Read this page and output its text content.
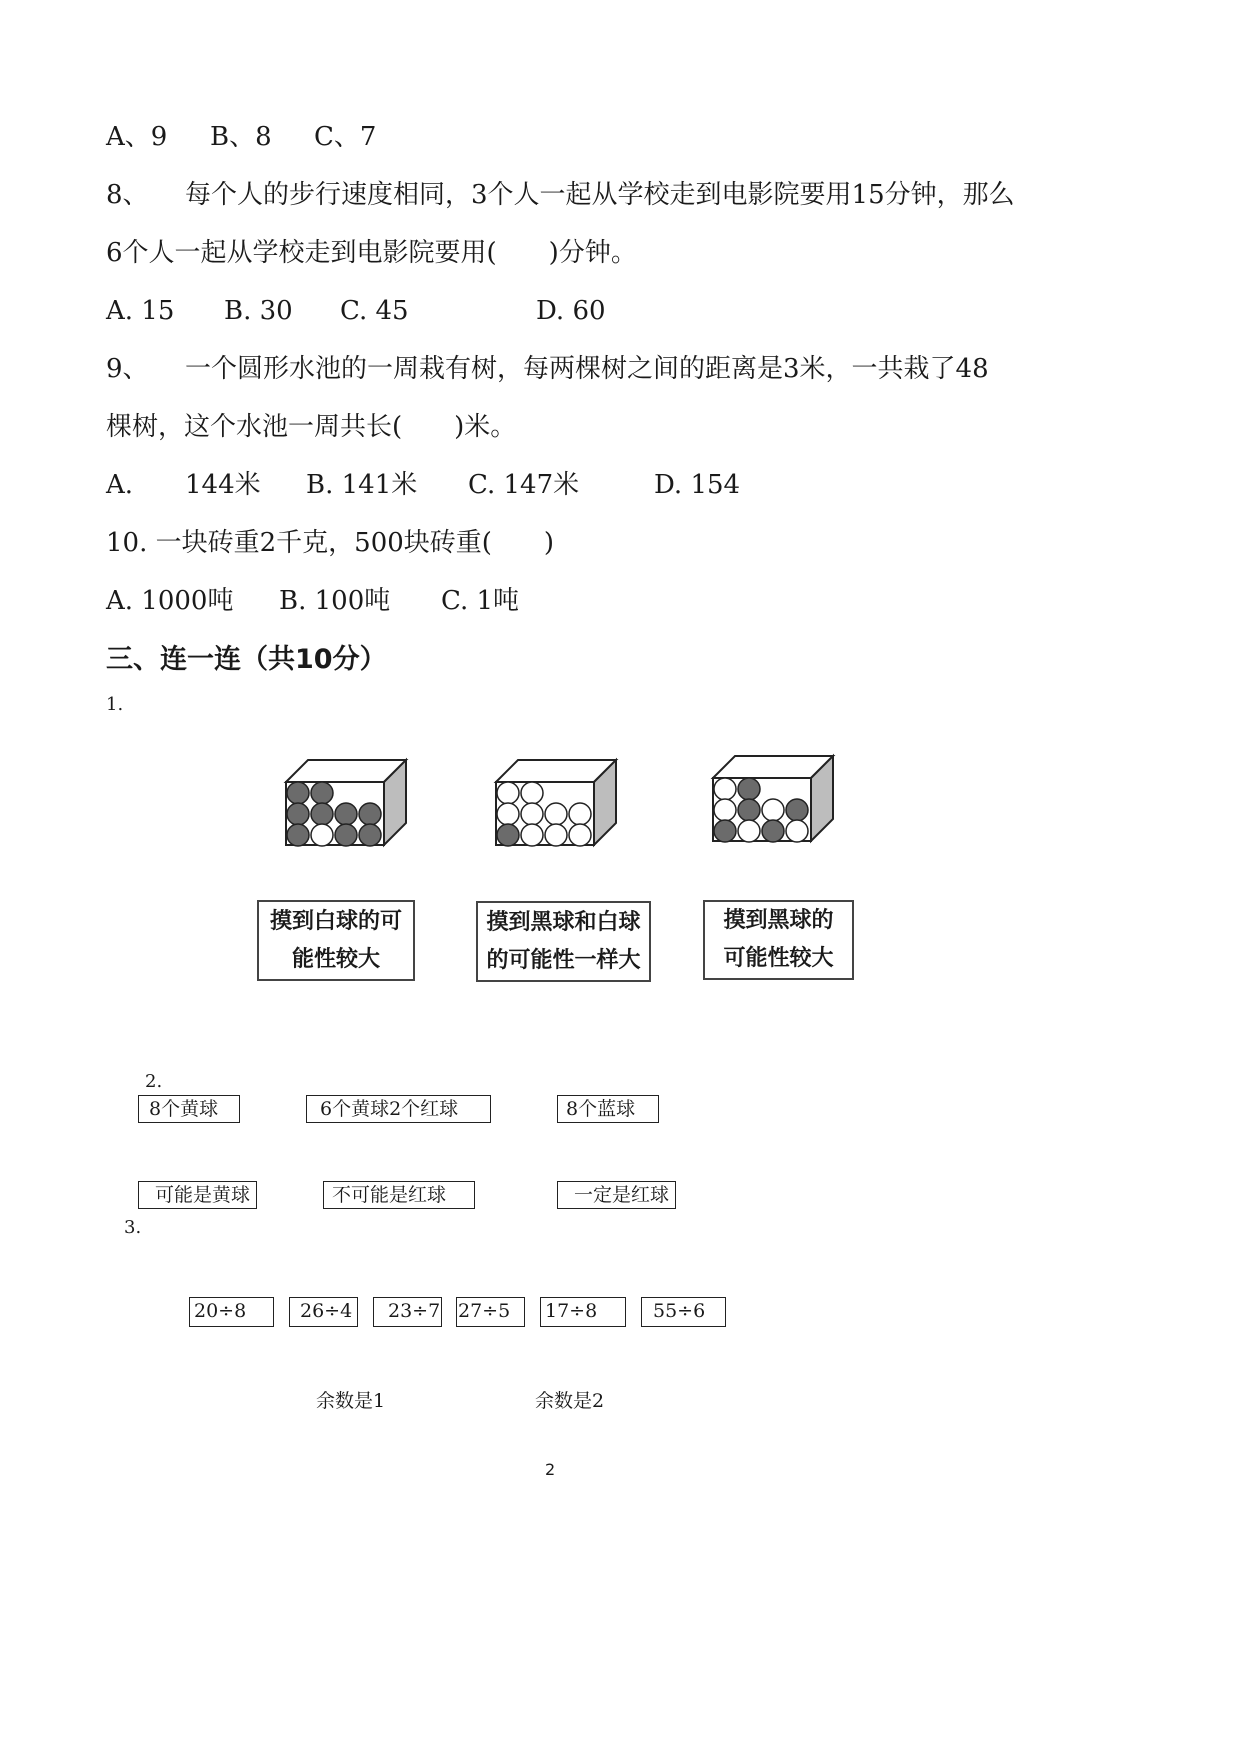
A、9 B、8 C、7
8、 每个人的步行速度相同，3个人一起从学校走到电影院要用15分钟，那么
6个人一起从学校走到电影院要用(　　)分钟。
A. 15 B. 30 C. 45	D. 60
9、 一个圆形水池的一周栽有树，每两棵树之间的距离是3米，一共栽了48
棵树，这个水池一周共长(　　)米。
A. 144米 B. 141米 C. 147米	D. 154
10. 一块砖重2千克，500块砖重(　　)
A. 1000吨 B. 100吨 C. 1吨
三、连一连（共10分）
1.
摸到白球的可
能性较大
摸到黑球和白球
的可能性一样大
摸到黑球的
可能性较大
2.
8个黄球	6个黄球2个红球	8个蓝球
可能是黄球	不可能是红球	一定是红球
3.
20÷8	26÷4	23÷7 27÷5	17÷8	55÷6
余数是1	余数是2
2
